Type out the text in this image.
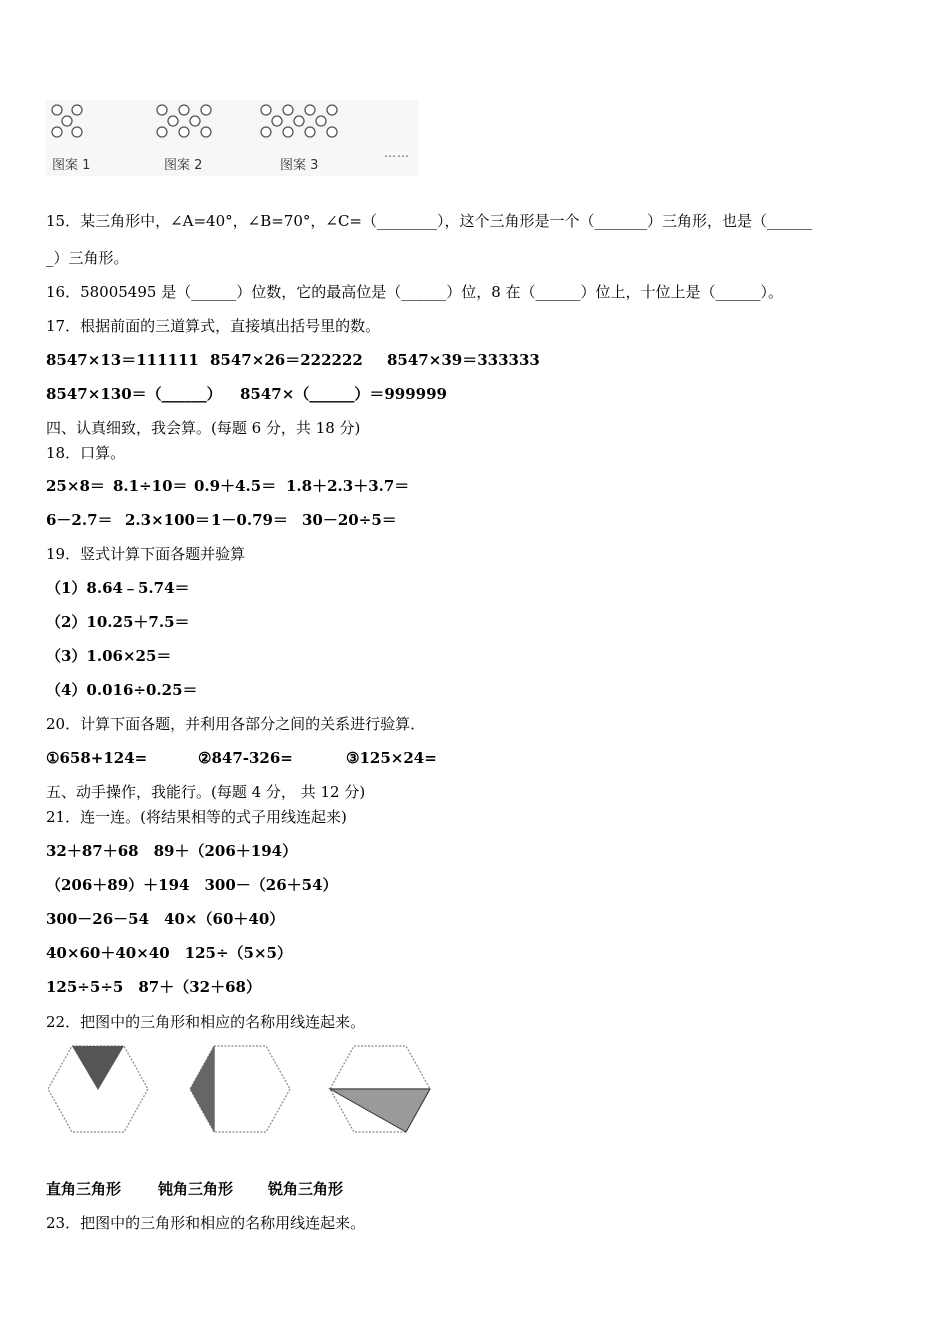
图案 1	图案 2	图案 3
……
15．某三角形中，∠A=40°，∠B=70°，∠C=（________），这个三角形是一个（_______）三角形，也是（______
_）三角形。
16．58005495 是（______）位数，它的最高位是（______）位，8 在（______）位上，十位上是（______）。
17．根据前面的三道算式，直接填出括号里的数。
8547×13＝111111 8547×26＝222222 8547×39＝333333
8547×130＝（______） 8547×（______）＝999999
四、认真细致，我会算。(每题 6 分，共 18 分)
18．口算。
25×8＝ 8.1÷10＝ 0.9＋4.5＝ 1.8＋2.3＋3.7＝
6－2.7＝ 2.3×100＝1－0.79＝ 30－20÷5＝
19．竖式计算下面各题并验算
（1）8.64﹣5.74＝
（2）10.25＋7.5＝
（3）1.06×25＝
（4）0.016÷0.25＝
20．计算下面各题，并利用各部分之间的关系进行验算．
①658+124=	②847-326=	③125×24=
五、动手操作，我能行。(每题 4 分， 共 12 分)
21．连一连。(将结果相等的式子用线连起来)
32＋87＋68　89＋（206＋194）
（206＋89）＋194　300－（26＋54）
300－26－54　40×（60＋40）
40×60＋40×40　125÷（5×5）
125÷5÷5　87＋（32＋68）
22．把图中的三角形和相应的名称用线连起来。
直角三角形 钝角三角形 锐角三角形
23．把图中的三角形和相应的名称用线连起来。
